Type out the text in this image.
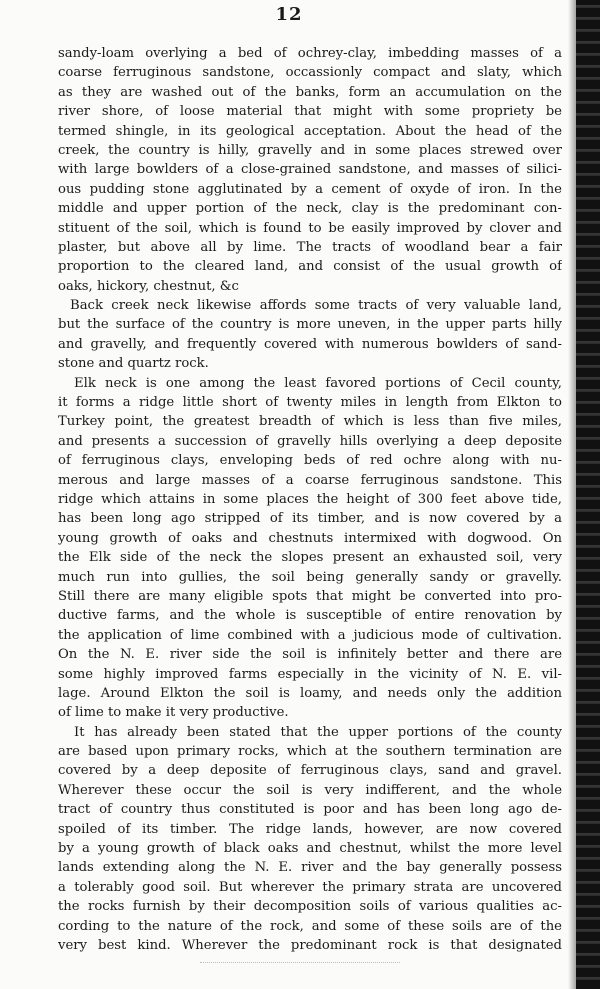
12
sandy-loam overlying a bed of ochrey-clay, imbedding masses of a
coarse ferruginous sandstone, occassionly compact and slaty, which
as they are washed out of the banks, form an accumulation on the
river shore, of loose material that might with some propriety be
termed shingle, in its geological acceptation. About the head of the
creek, the country is hilly, gravelly and in some places strewed over
with large bowlders of a close-grained sandstone, and masses of silici-
ous pudding stone agglutinated by a cement of oxyde of iron. In the
middle and upper portion of the neck, clay is the predominant con-
stituent of the soil, which is found to be easily improved by clover and
plaster, but above all by lime. The tracts of woodland bear a fair
proportion to the cleared land, and consist of the usual growth of
oaks, hickory, chestnut, &c
Back creek neck likewise affords some tracts of very valuable land,
but the surface of the country is more uneven, in the upper parts hilly
and gravelly, and frequently covered with numerous bowlders of sand-
stone and quartz rock.
Elk neck is one among the least favored portions of Cecil county,
it forms a ridge little short of twenty miles in length from Elkton to
Turkey point, the greatest breadth of which is less than five miles,
and presents a succession of gravelly hills overlying a deep deposite
of ferruginous clays, enveloping beds of red ochre along with nu-
merous and large masses of a coarse ferruginous sandstone. This
ridge which attains in some places the height of 300 feet above tide,
has been long ago stripped of its timber, and is now covered by a
young growth of oaks and chestnuts intermixed with dogwood. On
the Elk side of the neck the slopes present an exhausted soil, very
much run into gullies, the soil being generally sandy or gravelly.
Still there are many eligible spots that might be converted into pro-
ductive farms, and the whole is susceptible of entire renovation by
the application of lime combined with a judicious mode of cultivation.
On the N. E. river side the soil is infinitely better and there are
some highly improved farms especially in the vicinity of N. E. vil-
lage. Around Elkton the soil is loamy, and needs only the addition
of lime to make it very productive.
It has already been stated that the upper portions of the county
are based upon primary rocks, which at the southern termination are
covered by a deep deposite of ferruginous clays, sand and gravel.
Wherever these occur the soil is very indifferent, and the whole
tract of country thus constituted is poor and has been long ago de-
spoiled of its timber. The ridge lands, however, are now covered
by a young growth of black oaks and chestnut, whilst the more level
lands extending along the N. E. river and the bay generally possess
a tolerably good soil. But wherever the primary strata are uncovered
the rocks furnish by their decomposition soils of various qualities ac-
cording to the nature of the rock, and some of these soils are of the
very best kind. Wherever the predominant rock is that designated
